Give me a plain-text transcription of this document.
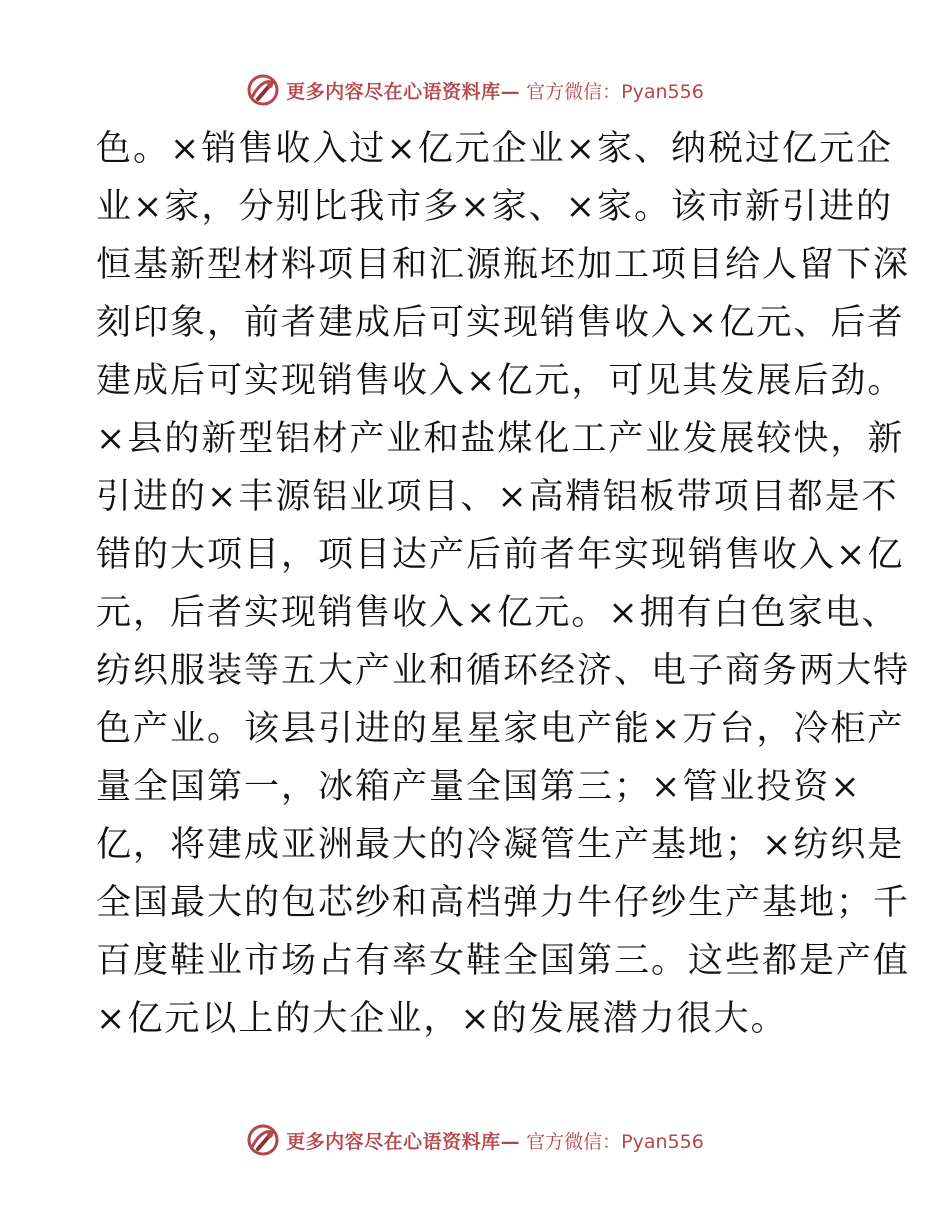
更多内容尽在心语资料库— 官方微信：Pyan556
色。×销售收入过×亿元企业×家、纳税过亿元企
业×家，分别比我市多×家、×家。该市新引进的
恒基新型材料项目和汇源瓶坯加工项目给人留下深
刻印象，前者建成后可实现销售收入×亿元、后者
建成后可实现销售收入×亿元，可见其发展后劲。
×县的新型铝材产业和盐煤化工产业发展较快，新
引进的×丰源铝业项目、×高精铝板带项目都是不
错的大项目，项目达产后前者年实现销售收入×亿
元，后者实现销售收入×亿元。×拥有白色家电、
纺织服装等五大产业和循环经济、电子商务两大特
色产业。该县引进的星星家电产能×万台，冷柜产
量全国第一，冰箱产量全国第三；×管业投资×
亿，将建成亚洲最大的冷凝管生产基地；×纺织是
全国最大的包芯纱和高档弹力牛仔纱生产基地；千
百度鞋业市场占有率女鞋全国第三。这些都是产值
×亿元以上的大企业，×的发展潜力很大。
更多内容尽在心语资料库— 官方微信：Pyan556
